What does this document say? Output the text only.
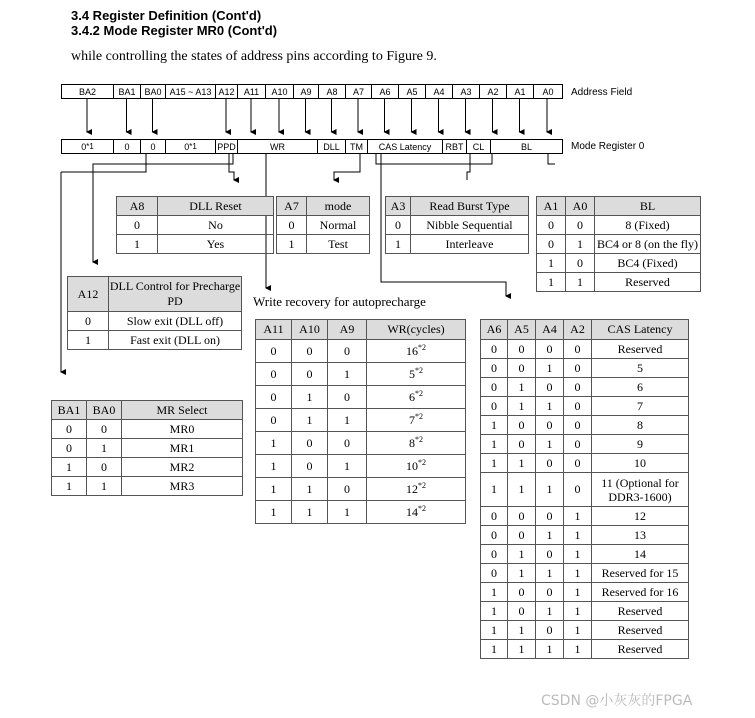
3.4 Register Definition (Cont'd)
3.4.2 Mode Register MR0 (Cont'd)
while controlling the states of address pins according to Figure 9.
BA2	BA1 BA0 A15 ~ A13 A12	A11	A10	A9	A8	A7	A6	A5	A4	A3	A2	A1	A0	Address Field
0 *1	0 0	0 *1 PPD	WR	DLL TM CAS Latency RBT CL	BL	Mode Register 0
A8	DLL Reset
0	No
1	Yes
A7	mode
0	Normal
1	Test
A3	Read Burst Type
0	Nibble Sequential
1	Interleave
A1	A0	BL
0	0	8 (Fixed)
0	1	BC4 or 8 (on the fly)
1	0	BC4 (Fixed)
1	1	Reserved
A12	DLL Control for Precharge PD
0	Slow exit (DLL off)
1	Fast exit (DLL on)
Write recovery for autoprecharge
A11	A10	A9	WR(cycles)
0	0	0	16$^{*2}$
0	0	1	5$^{*2}$
0	1	0	6$^{*2}$
0	1	1	7$^{*2}$
1	0	0	8$^{*2}$
1	0	1	10$^{*2}$
1	1	0	12$^{*2}$
1	1	1	14$^{*2}$
A6	A5	A4	A2	CAS Latency
0	0	0	0	Reserved
0	0	1	0	5
0	1	0	0	6
0	1	1	0	7
1	0	0	0	8
1	0	1	0	9
1	1	0	0	10
1	1	1	0	11 (Optional for DDR3-1600)
0	0	0	1	12
0	0	1	1	13
0	1	0	1	14
0	1	1	1	Reserved for 15
1	0	0	1	Reserved for 16
1	0	1	1	Reserved
1	1	0	1	Reserved
1	1	1	1	Reserved
BA1	BA0	MR Select
0	0	MR0
0	1	MR1
1	0	MR2
1	1	MR3
CSDN @小灰灰的FPGA
